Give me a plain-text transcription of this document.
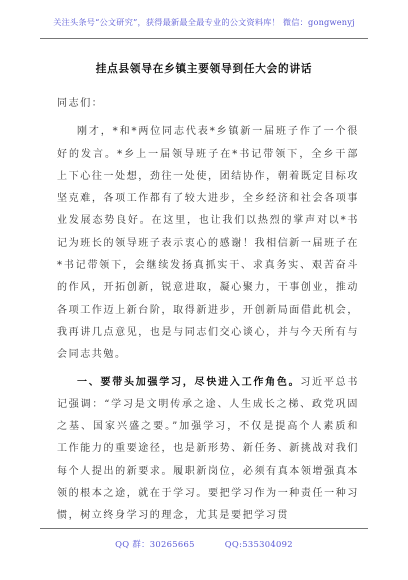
关注头条号“公文研究”，获得最新最全最专业的公文资料库！ 微信：gongwenyj
挂点县领导在乡镇主要领导到任大会的讲话

同志们：

刚才，*和*两位同志代表*乡镇新一届班子作了一个很好的发言。*乡上一届领导班子在*书记带领下，全乡干部上下心往一处想，劲往一处使，团结协作，朝着既定目标攻坚克难，各项工作都有了较大进步，全乡经济和社会各项事业发展态势良好。在这里，也让我们以热烈的掌声对以*书记为班长的领导班子表示衷心的感谢！我相信新一届班子在*书记带领下，会继续发扬真抓实干、求真务实、艰苦奋斗的作风，开拓创新，锐意进取，凝心聚力，干事创业，推动各项工作迈上新台阶，取得新进步，开创新局面借此机会，我再讲几点意见，也是与同志们交心谈心，并与今天所有与会同志共勉。

一、要带头加强学习，尽快进入工作角色。习近平总书记强调：“学习是文明传承之途、人生成长之梯、政党巩固之基、国家兴盛之要。”加强学习，不仅是提高个人素质和工作能力的重要途径，也是新形势、新任务、新挑战对我们每个人提出的新要求。履职新岗位，必须有真本领增强真本领的根本之途，就在于学习。要把学习作为一种责任一种习惯，树立终身学习的理念，尤其是要把学习贯

QQ 群：30265665	QQ:535304092
